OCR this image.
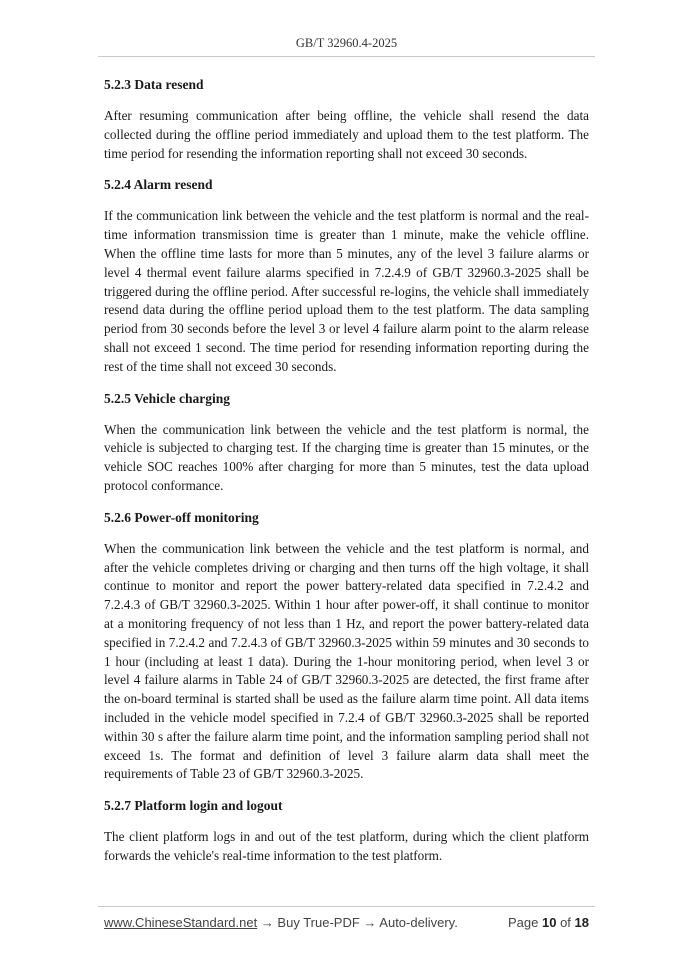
GB/T 32960.4-2025
5.2.3 Data resend

After resuming communication after being offline, the vehicle shall resend the data collected during the offline period immediately and upload them to the test platform. The time period for resending the information reporting shall not exceed 30 seconds.

5.2.4 Alarm resend

If the communication link between the vehicle and the test platform is normal and the real-time information transmission time is greater than 1 minute, make the vehicle offline. When the offline time lasts for more than 5 minutes, any of the level 3 failure alarms or level 4 thermal event failure alarms specified in 7.2.4.9 of GB/T 32960.3-2025 shall be triggered during the offline period. After successful re-logins, the vehicle shall immediately resend data during the offline period upload them to the test platform. The data sampling period from 30 seconds before the level 3 or level 4 failure alarm point to the alarm release shall not exceed 1 second. The time period for resending information reporting during the rest of the time shall not exceed 30 seconds.

5.2.5 Vehicle charging

When the communication link between the vehicle and the test platform is normal, the vehicle is subjected to charging test. If the charging time is greater than 15 minutes, or the vehicle SOC reaches 100% after charging for more than 5 minutes, test the data upload protocol conformance.

5.2.6 Power-off monitoring

When the communication link between the vehicle and the test platform is normal, and after the vehicle completes driving or charging and then turns off the high voltage, it shall continue to monitor and report the power battery-related data specified in 7.2.4.2 and 7.2.4.3 of GB/T 32960.3-2025. Within 1 hour after power-off, it shall continue to monitor at a monitoring frequency of not less than 1 Hz, and report the power battery-related data specified in 7.2.4.2 and 7.2.4.3 of GB/T 32960.3-2025 within 59 minutes and 30 seconds to 1 hour (including at least 1 data). During the 1-hour monitoring period, when level 3 or level 4 failure alarms in Table 24 of GB/T 32960.3-2025 are detected, the first frame after the on-board terminal is started shall be used as the failure alarm time point. All data items included in the vehicle model specified in 7.2.4 of GB/T 32960.3-2025 shall be reported within 30 s after the failure alarm time point, and the information sampling period shall not exceed 1s. The format and definition of level 3 failure alarm data shall meet the requirements of Table 23 of GB/T 32960.3-2025.

5.2.7 Platform login and logout

The client platform logs in and out of the test platform, during which the client platform forwards the vehicle's real-time information to the test platform.

www.ChineseStandard.net → Buy True-PDF → Auto-delivery.	Page 10 of 18
